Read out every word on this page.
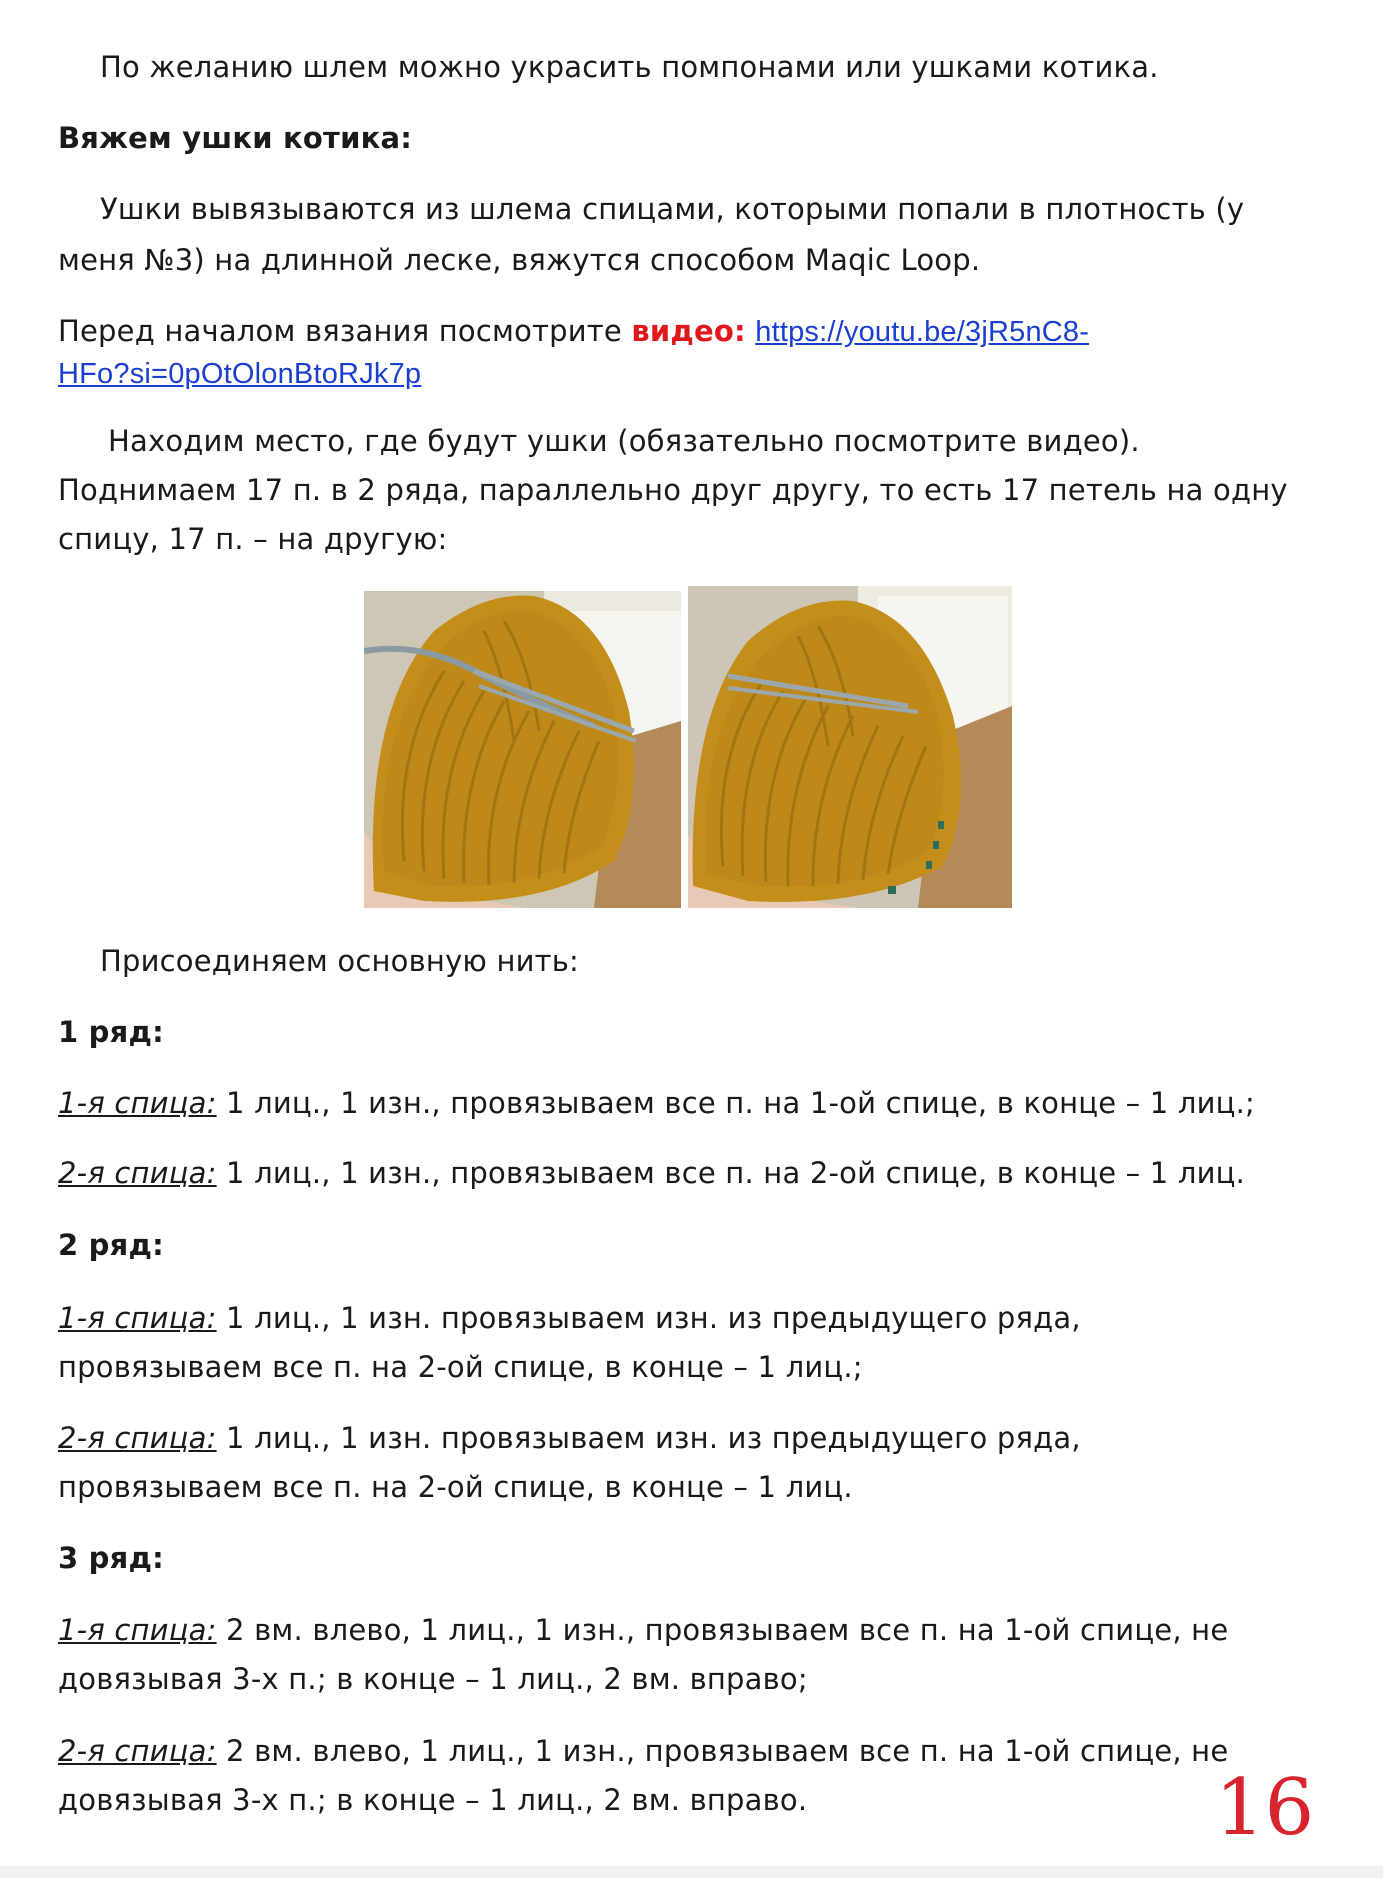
По желанию шлем можно украсить помпонами или ушками котика.
Вяжем ушки котика:
Ушки вывязываются из шлема спицами, которыми попали в плотность (у
меня №3) на длинной леске, вяжутся способом Maqic Loop.
Перед началом вязания посмотрите видео: https://youtu.be/3jR5nC8-
HFo?si=0pOtOlonBtoRJk7p
Находим место, где будут ушки (обязательно посмотрите видео).
Поднимаем 17 п. в 2 ряда, параллельно друг другу, то есть 17 петель на одну
спицу, 17 п. – на другую:
Присоединяем основную нить:
1 ряд:
1-я спица: 1 лиц., 1 изн., провязываем все п. на 1-ой спице, в конце – 1 лиц.;
2-я спица: 1 лиц., 1 изн., провязываем все п. на 2-ой спице, в конце – 1 лиц.
2 ряд:
1-я спица: 1 лиц., 1 изн. провязываем изн. из предыдущего ряда,
провязываем все п. на 2-ой спице, в конце – 1 лиц.;
2-я спица: 1 лиц., 1 изн. провязываем изн. из предыдущего ряда,
провязываем все п. на 2-ой спице, в конце – 1 лиц.
3 ряд:
1-я спица: 2 вм. влево, 1 лиц., 1 изн., провязываем все п. на 1-ой спице, не
довязывая 3-х п.; в конце – 1 лиц., 2 вм. вправо;
2-я спица: 2 вм. влево, 1 лиц., 1 изн., провязываем все п. на 1-ой спице, не
довязывая 3-х п.; в конце – 1 лиц., 2 вм. вправо.	16
